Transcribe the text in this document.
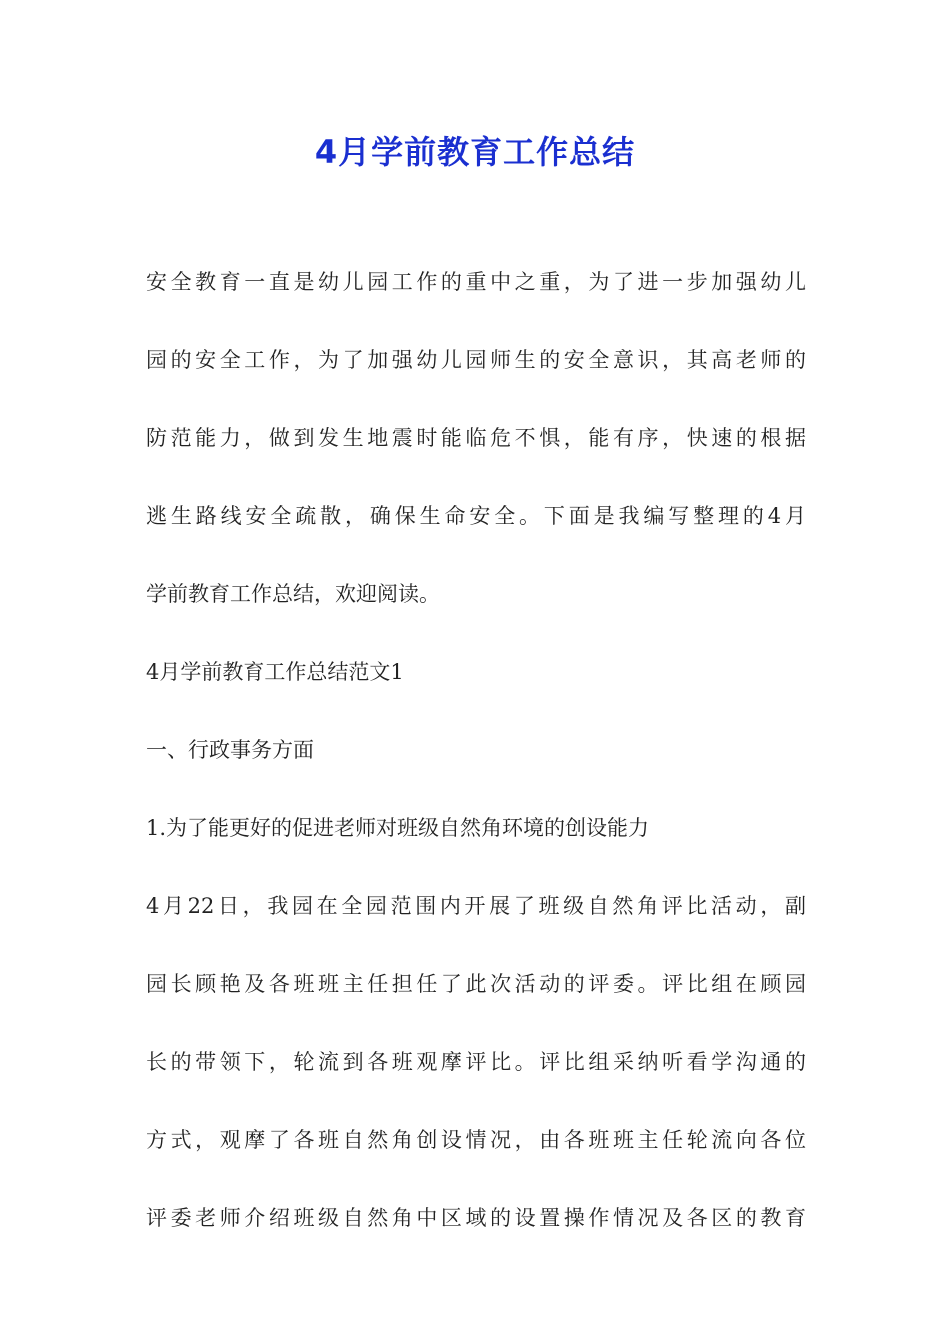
4月学前教育工作总结
安全教育一直是幼儿园工作的重中之重，为了进一步加强幼儿
园的安全工作，为了加强幼儿园师生的安全意识，其高老师的
防范能力，做到发生地震时能临危不惧，能有序，快速的根据
逃生路线安全疏散，确保生命安全。下面是我编写整理的4月
学前教育工作总结，欢迎阅读。
4月学前教育工作总结范文1
一、行政事务方面
1.为了能更好的促进老师对班级自然角环境的创设能力
4月22日，我园在全园范围内开展了班级自然角评比活动，副
园长顾艳及各班班主任担任了此次活动的评委。评比组在顾园
长的带领下，轮流到各班观摩评比。评比组采纳听看学沟通的
方式，观摩了各班自然角创设情况，由各班班主任轮流向各位
评委老师介绍班级自然角中区域的设置操作情况及各区的教育
